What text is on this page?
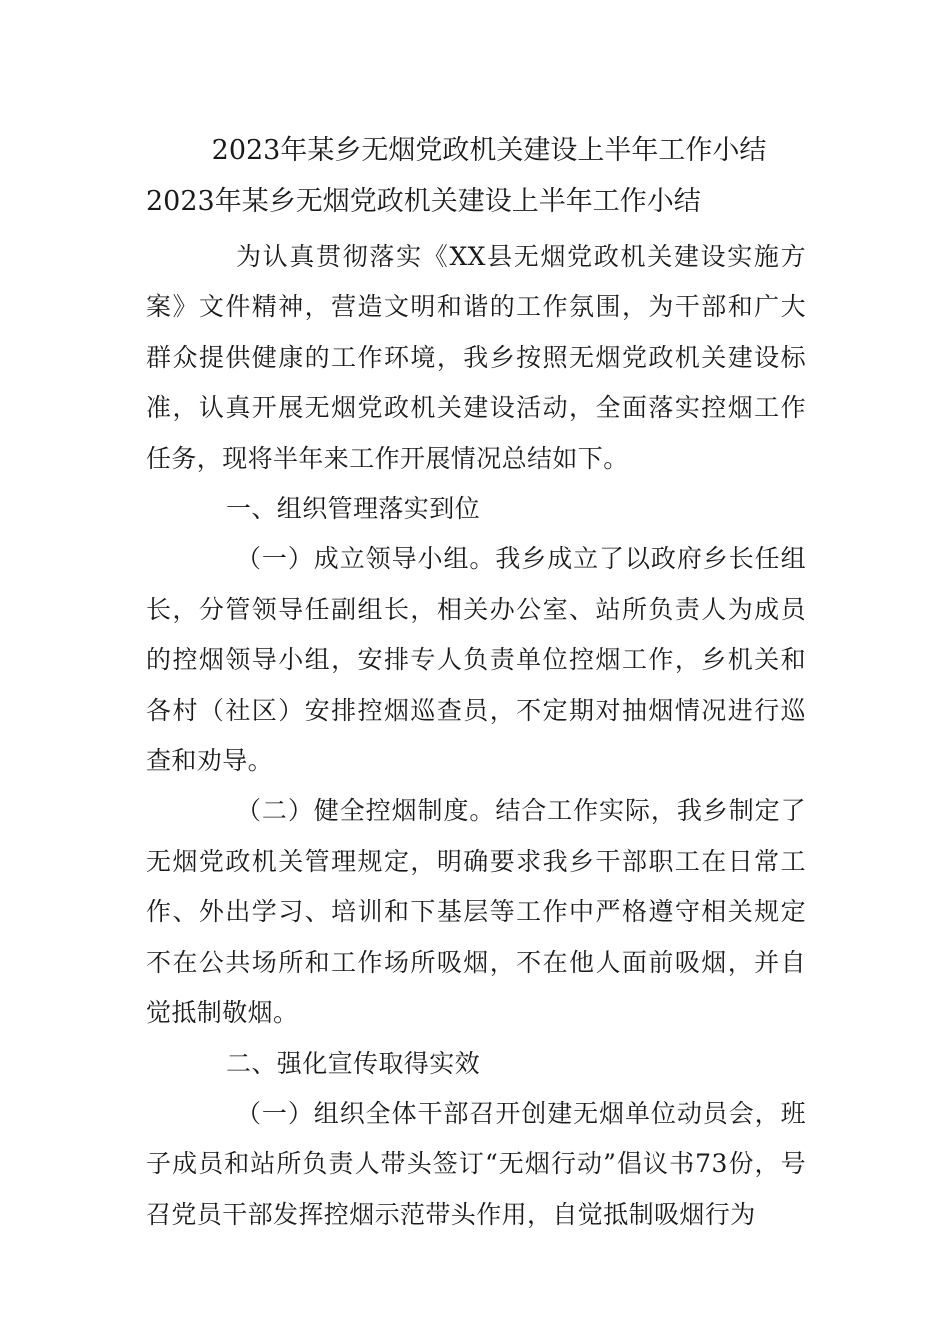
2023年某乡无烟党政机关建设上半年工作小结
2023年某乡无烟党政机关建设上半年工作小结

为认真贯彻落实《XX县无烟党政机关建设实施方案》文件精神，营造文明和谐的工作氛围，为干部和广大群众提供健康的工作环境，我乡按照无烟党政机关建设标准，认真开展无烟党政机关建设活动，全面落实控烟工作任务，现将半年来工作开展情况总结如下。

一、组织管理落实到位

（一）成立领导小组。我乡成立了以政府乡长任组长，分管领导任副组长，相关办公室、站所负责人为成员的控烟领导小组，安排专人负责单位控烟工作，乡机关和各村（社区）安排控烟巡查员，不定期对抽烟情况进行巡查和劝导。

（二）健全控烟制度。结合工作实际，我乡制定了无烟党政机关管理规定，明确要求我乡干部职工在日常工作、外出学习、培训和下基层等工作中严格遵守相关规定不在公共场所和工作场所吸烟，不在他人面前吸烟，并自觉抵制敬烟。

二、强化宣传取得实效

（一）组织全体干部召开创建无烟单位动员会，班子成员和站所负责人带头签订“无烟行动”倡议书73份，号召党员干部发挥控烟示范带头作用，自觉抵制吸烟行为
